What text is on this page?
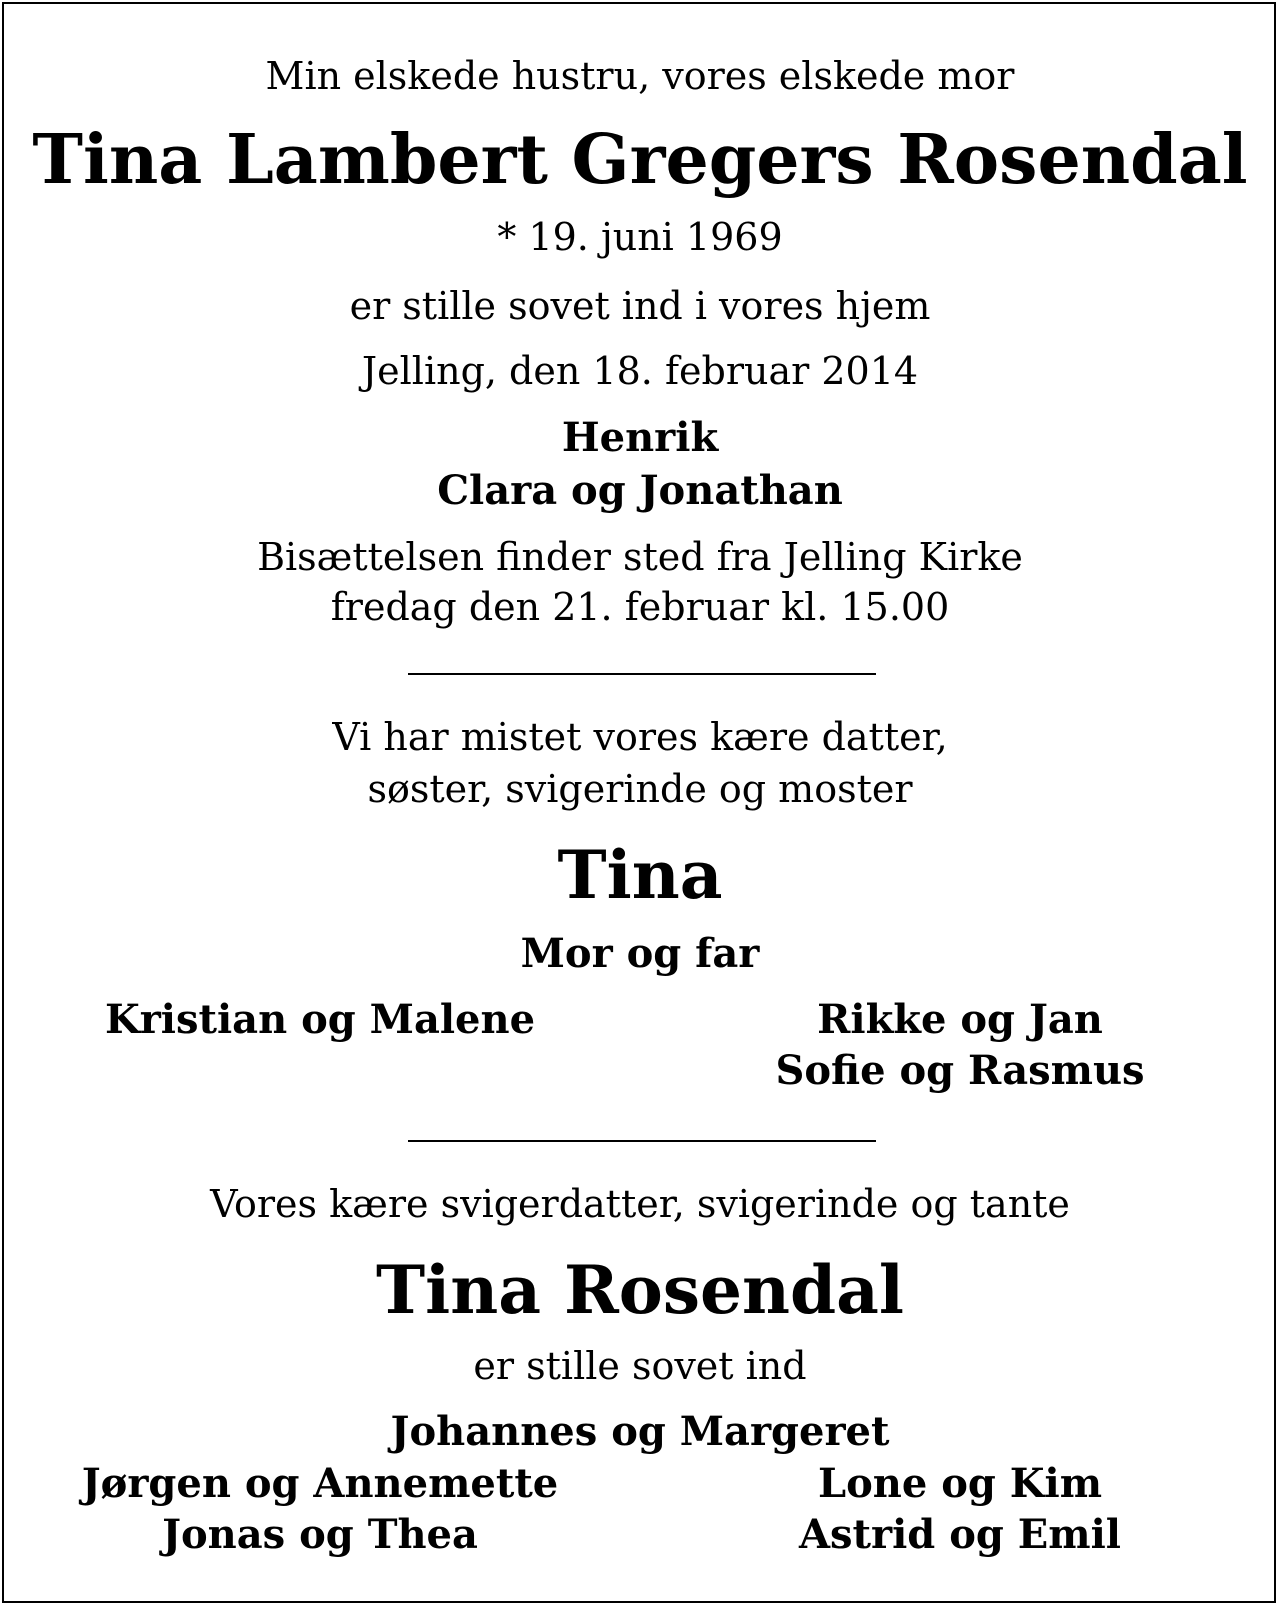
Min elskede hustru, vores elskede mor
Tina Lambert Gregers Rosendal
* 19. juni 1969
er stille sovet ind i vores hjem
Jelling, den 18. februar 2014
Henrik
Clara og Jonathan
Bisættelsen finder sted fra Jelling Kirke
fredag den 21. februar kl. 15.00
Vi har mistet vores kære datter,
søster, svigerinde og moster
Tina
Mor og far
Kristian og Malene	Rikke og Jan
Sofie og Rasmus
Vores kære svigerdatter, svigerinde og tante
Tina Rosendal
er stille sovet ind
Johannes og Margeret
Jørgen og Annemette
Jonas og Thea
Lone og Kim
Astrid og Emil
